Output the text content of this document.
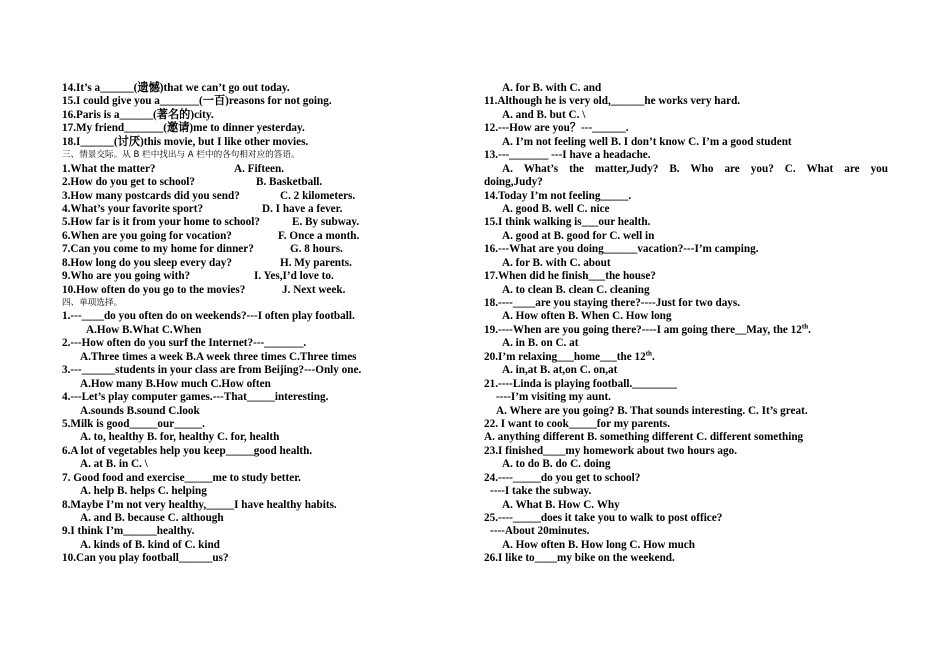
14.It’s a______(遗憾)that we can’t go out today.
15.I could give you a_______(一百)reasons for not going.
16.Paris is a______(著名的)city.
17.My friend_______(邀请)me to dinner yesterday.
18.I______(讨厌)this movie, but I like other movies.
三、情景交际。从 B 栏中找出与 A 栏中的各句相对应的答语。
1.What the matter?	A. Fifteen.
2.How do you get to school?	B. Basketball.
3.How many postcards did you send?	C. 2 kilometers.
4.What’s your favorite sport?	D. I have a fever.
5.How far is it from your home to school?	E. By subway.
6.When are you going for vocation?	F. Once a month.
7.Can you come to my home for dinner?	G. 8 hours.
8.How long do you sleep every day?	H. My parents.
9.Who are you going with?	I. Yes,I’d love to.
10.How often do you go to the movies?	J. Next week.
四、单项选择。
1.---____do you often do on weekends?---I often play football.
A.How B.What C.When
2.---How often do you surf the Internet?---_______.
A.Three times a week B.A week three times C.Three times
3.---______students in your class are from Beijing?---Only one.
A.How many B.How much C.How often
4.---Let’s play computer games.---That_____interesting.
A.sounds B.sound C.look
5.Milk is good_____our_____.
A. to, healthy B. for, healthy C. for, health
6.A lot of vegetables help you keep_____good health.
A. at B. in C. \
7. Good food and exercise_____me to study better.
A. help B. helps C. helping
8.Maybe I’m not very healthy,_____I have healthy habits.
A. and B. because C. although
9.I think I’m______healthy.
A. kinds of B. kind of C. kind
10.Can you play football______us?
A. for B. with C. and
11.Although he is very old,______he works very hard.
A. and B. but C. \
12.---How are you？---______.
A. I’m not feeling well B. I don’t know C. I’m a good student
13.---_______ ---I have a headache.
A. What’s the matter,Judy? B. Who are you? C. What are you
doing,Judy?
14.Today I’m not feeling_____.
A. good B. well C. nice
15.I think walking is___our health.
A. good at B. good for C. well in
16.---What are you doing______vacation?---I’m camping.
A. for B. with C. about
17.When did he finish___the house?
A. to clean B. clean C. cleaning
18.----____are you staying there?----Just for two days.
A. How often B. When C. How long
19.----When are you going there?----I am going there__May, the 12th.
A. in B. on C. at
20.I’m relaxing___home___the 12th.
A. in,at B. at,on C. on,at
21.----Linda is playing football.________
----I’m visiting my aunt.
A. Where are you going? B. That sounds interesting. C. It’s great.
22. I want to cook_____for my parents.
A. anything different B. something different C. different something
23.I finished____my homework about two hours ago.
A. to do B. do C. doing
24.----_____do you get to school?
----I take the subway.
A. What B. How C. Why
25.----_____does it take you to walk to post office?
----About 20minutes.
A. How often B. How long C. How much
26.I like to____my bike on the weekend.
